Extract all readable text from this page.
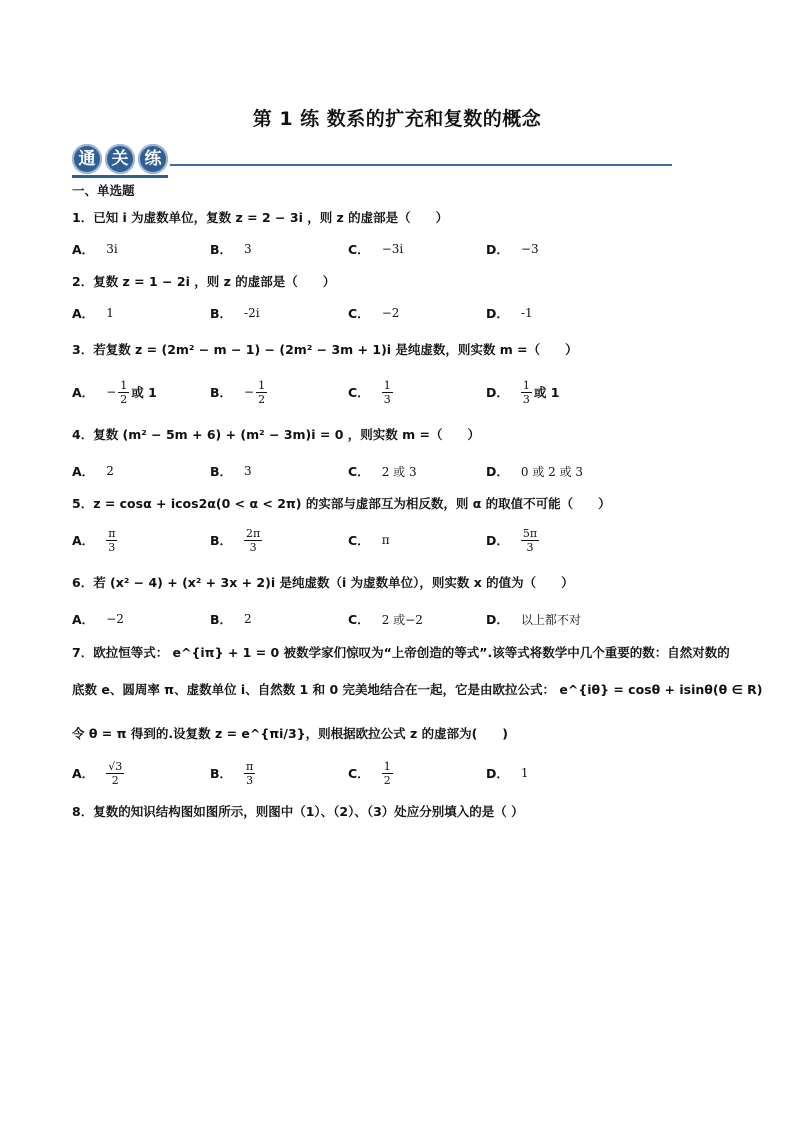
第 1 练 数系的扩充和复数的概念
通 关 练
一、单选题
1．已知 i 为虚数单位，复数 z = 2 − 3i ，则 z 的虚部是（　　）
A． 3i	B． 3	C． −3i	D． −3
2．复数 z = 1 − 2i ，则 z 的虚部是（　　）
A． 1	B． -2i	C． −2	D． -1
3．若复数 z = (2m² − m − 1) − (2m² − 3m + 1)i 是纯虚数，则实数 m =（　　）
A． − $\frac{1}{2}$ 或 1	B． − $\frac{1}{2}$	C． $\frac{1}{3}$	D． $\frac{1}{3}$ 或 1
4．复数 (m² − 5m + 6) + (m² − 3m)i = 0 ，则实数 m =（　　）
A． 2	B． 3	C． 2 或 3	D． 0 或 2 或 3
5．z = cosα + icos2α(0 < α < 2π) 的实部与虚部互为相反数，则 α 的取值不可能（　　）
A． $\frac{\pi}{3}$	B． $\frac{2\pi}{3}$	C． π	D． $\frac{5\pi}{3}$
6．若 (x² − 4) + (x² + 3x + 2)i 是纯虚数（i 为虚数单位），则实数 x 的值为（　　）
A． −2	B． 2	C． 2 或−2	D． 以上都不对
7．欧拉恒等式： e^{iπ} + 1 = 0 被数学家们惊叹为“上帝创造的等式”.该等式将数学中几个重要的数：自然对数的
底数 e、圆周率 π、虚数单位 i、自然数 1 和 0 完美地结合在一起，它是由欧拉公式： e^{iθ} = cosθ + isinθ(θ ∈ R)
令 θ = π 得到的.设复数 z = e^{πi/3}，则根据欧拉公式 z 的虚部为(　　)
A． $\frac{√3}{2}$	B． $\frac{\pi}{3}$	C． $\frac{1}{2}$	D． 1
8．复数的知识结构图如图所示，则图中（1）、（2）、（3）处应分别填入的是（ ）
